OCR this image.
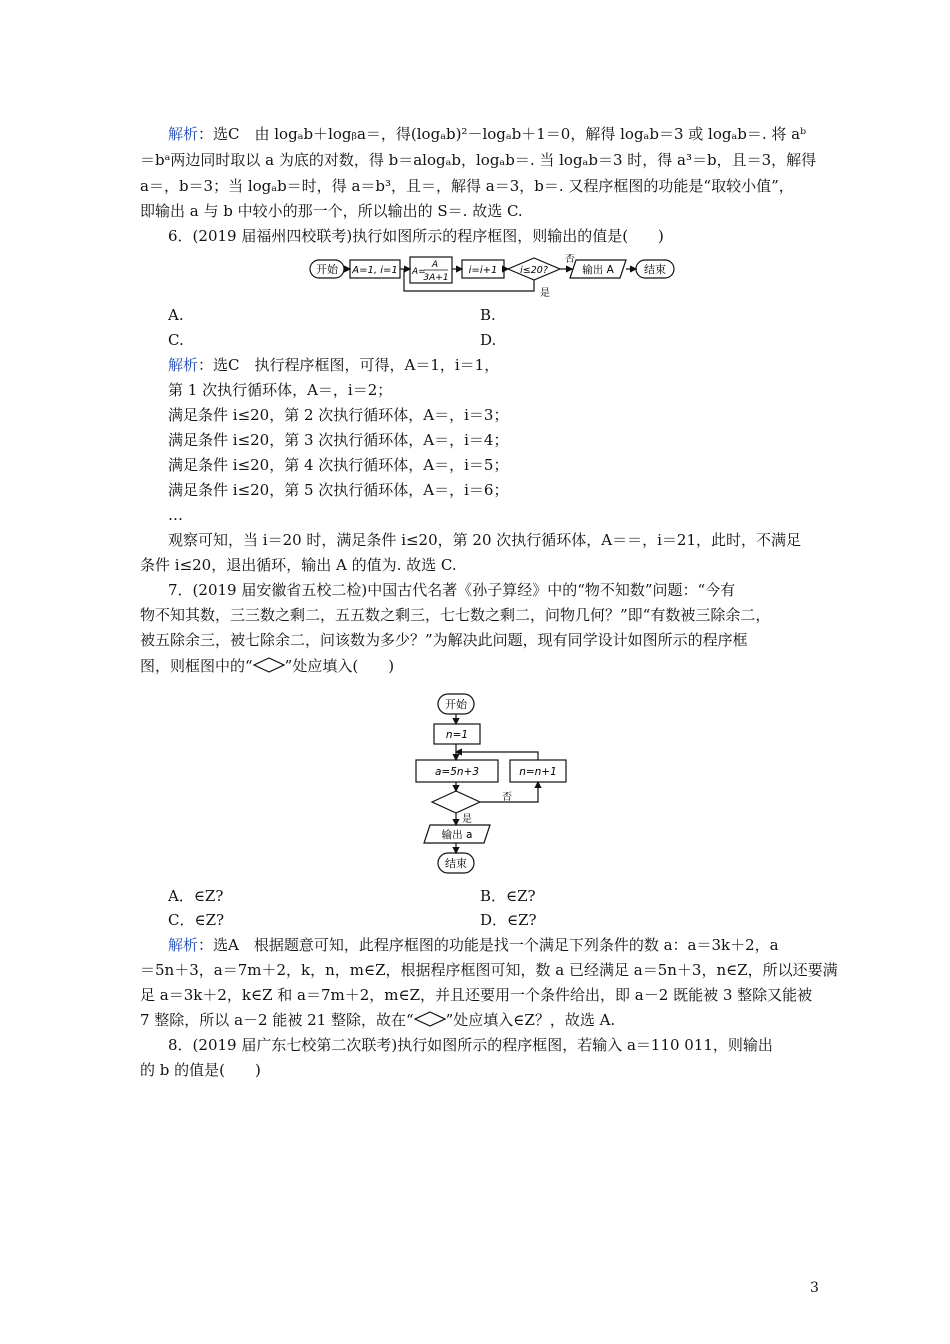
解析：选C　由 logₐb＋logᵦa＝，得(logₐb)²－logₐb＋1＝0，解得 logₐb＝3 或 logₐb＝. 将 aᵇ
＝bᵃ两边同时取以 a 为底的对数，得 b＝alogₐb，logₐb＝. 当 logₐb＝3 时，得 a³＝b，且＝3，解得
a＝，b＝3；当 logₐb＝时，得 a＝b³，且＝，解得 a＝3，b＝. 又程序框图的功能是“取较小值”，
即输出 a 与 b 中较小的那一个，所以输出的 S＝. 故选 C.
6．(2019 届福州四校联考)执行如图所示的程序框图，则输出的值是(　　)
开始 A=1, i=1 A=
A
3A+1
i=i+1 i≤20?
否
输出 A	结束
是
A.	B.
C.	D.
解析：选C　执行程序框图，可得，A＝1，i＝1，
第 1 次执行循环体，A＝，i＝2；
满足条件 i≤20，第 2 次执行循环体，A＝，i＝3；
满足条件 i≤20，第 3 次执行循环体，A＝，i＝4；
满足条件 i≤20，第 4 次执行循环体，A＝，i＝5；
满足条件 i≤20，第 5 次执行循环体，A＝，i＝6；
…
观察可知，当 i＝20 时，满足条件 i≤20，第 20 次执行循环体，A＝＝，i＝21，此时，不满足
条件 i≤20，退出循环，输出 A 的值为. 故选 C.
7．(2019 届安徽省五校二检)中国古代名著《孙子算经》中的“物不知数”问题：“今有
物不知其数，三三数之剩二，五五数之剩三，七七数之剩二，问物几何？”即“有数被三除余二，
被五除余三，被七除余二，问该数为多少？”为解决此问题，现有同学设计如图所示的程序框
图，则框图中的“ ”处应填入(　　)
开始
n=1
a=5n+3	n=n+1
否
是
输出 a
结束
A．∈Z?	B．∈Z?
C．∈Z?	D．∈Z?
解析：选A　根据题意可知，此程序框图的功能是找一个满足下列条件的数 a：a＝3k＋2，a
＝5n＋3，a＝7m＋2，k，n，m∈Z，根据程序框图可知，数 a 已经满足 a＝5n＋3，n∈Z，所以还要满
足 a＝3k＋2，k∈Z 和 a＝7m＋2，m∈Z，并且还要用一个条件给出，即 a－2 既能被 3 整除又能被
7 整除，所以 a－2 能被 21 整除，故在“ ”处应填入∈Z？，故选 A.
8．(2019 届广东七校第二次联考)执行如图所示的程序框图，若输入 a＝110 011，则输出
的 b 的值是(　　)
3
